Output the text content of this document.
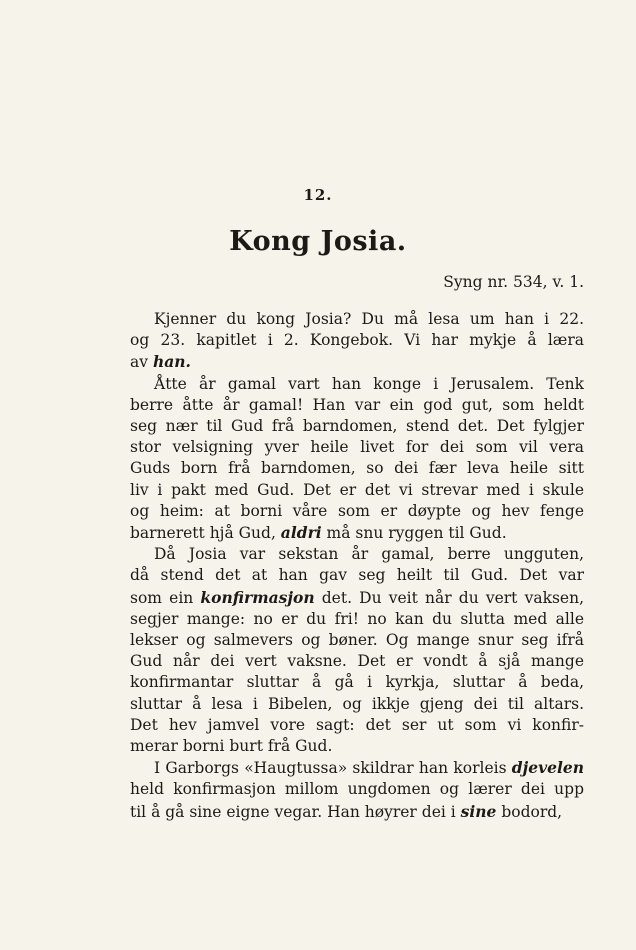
12.
Kong Josia.
Syng nr. 534, v. 1.
Kjenner du kong Josia? Du må lesa um han i 22.
og 23. kapitlet i 2. Kongebok. Vi har mykje å læra
av han.
Åtte år gamal vart han konge i Jerusalem. Tenk
berre åtte år gamal! Han var ein god gut, som heldt
seg nær til Gud frå barndomen, stend det. Det fylgjer
stor velsigning yver heile livet for dei som vil vera
Guds born frå barndomen, so dei fær leva heile sitt
liv i pakt med Gud. Det er det vi strevar med i skule
og heim: at borni våre som er døypte og hev fenge
barnerett hjå Gud, aldri må snu ryggen til Gud.
Då Josia var sekstan år gamal, berre ungguten,
då stend det at han gav seg heilt til Gud. Det var
som ein konfirmasjon det. Du veit når du vert vaksen,
segjer mange: no er du fri! no kan du slutta med alle
lekser og salmevers og bøner. Og mange snur seg ifrå
Gud når dei vert vaksne. Det er vondt å sjå mange
konfirmantar sluttar å gå i kyrkja, sluttar å beda,
sluttar å lesa i Bibelen, og ikkje gjeng dei til altars.
Det hev jamvel vore sagt: det ser ut som vi konfir-
merar borni burt frå Gud.
I Garborgs «Haugtussa» skildrar han korleis djevelen
held konfirmasjon millom ungdomen og lærer dei upp
til å gå sine eigne vegar. Han høyrer dei i sine bodord,
